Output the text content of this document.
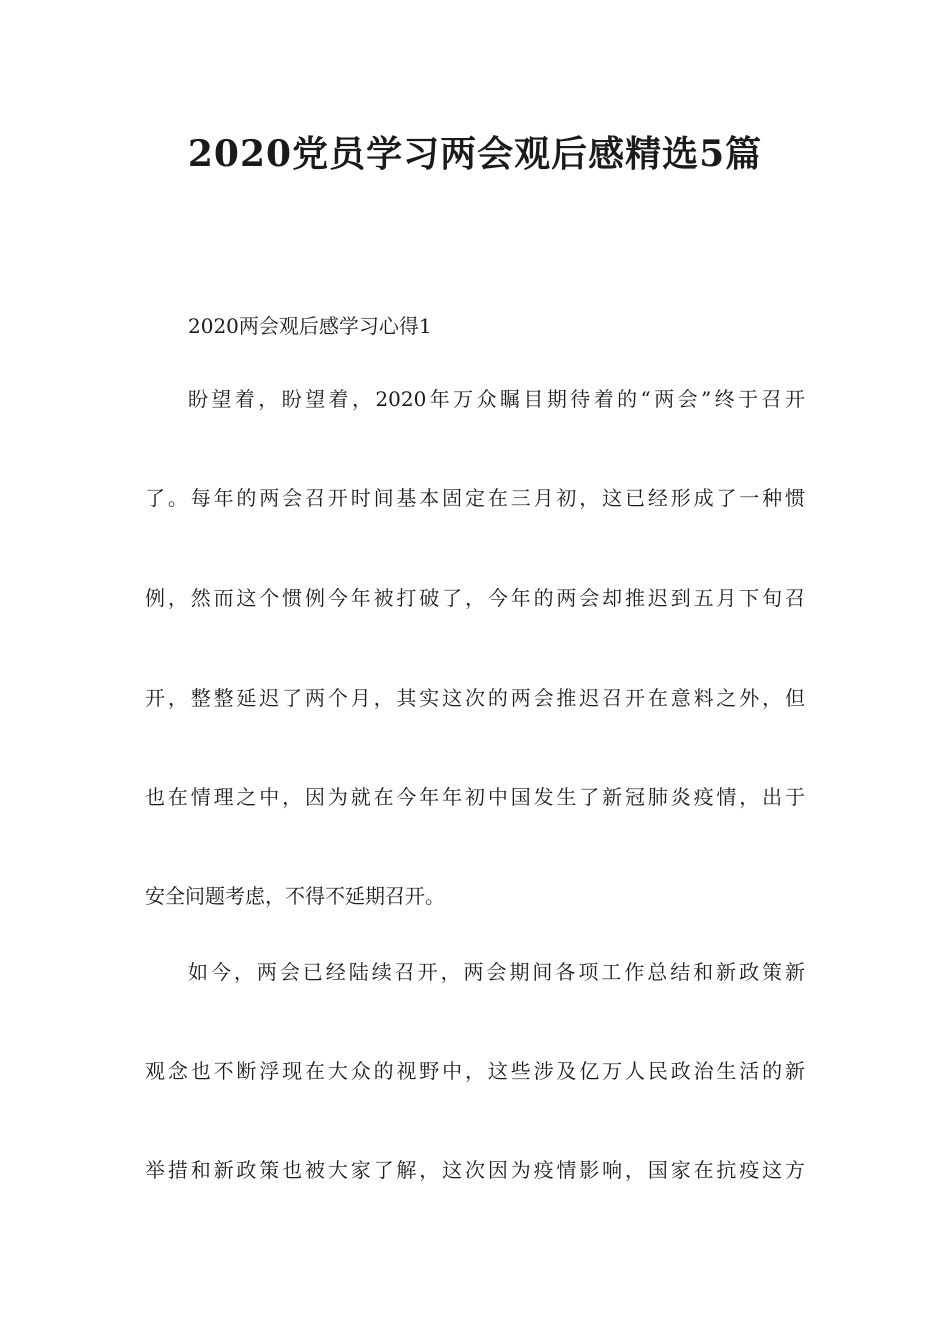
2020党员学习两会观后感精选5篇

2020两会观后感学习心得1

盼望着，盼望着，2020年万众瞩目期待着的“两会”终于召开

了。每年的两会召开时间基本固定在三月初，这已经形成了一种惯

例，然而这个惯例今年被打破了，今年的两会却推迟到五月下旬召

开，整整延迟了两个月，其实这次的两会推迟召开在意料之外，但

也在情理之中，因为就在今年年初中国发生了新冠肺炎疫情，出于

安全问题考虑，不得不延期召开。

如今，两会已经陆续召开，两会期间各项工作总结和新政策新

观念也不断浮现在大众的视野中，这些涉及亿万人民政治生活的新

举措和新政策也被大家了解，这次因为疫情影响，国家在抗疫这方
